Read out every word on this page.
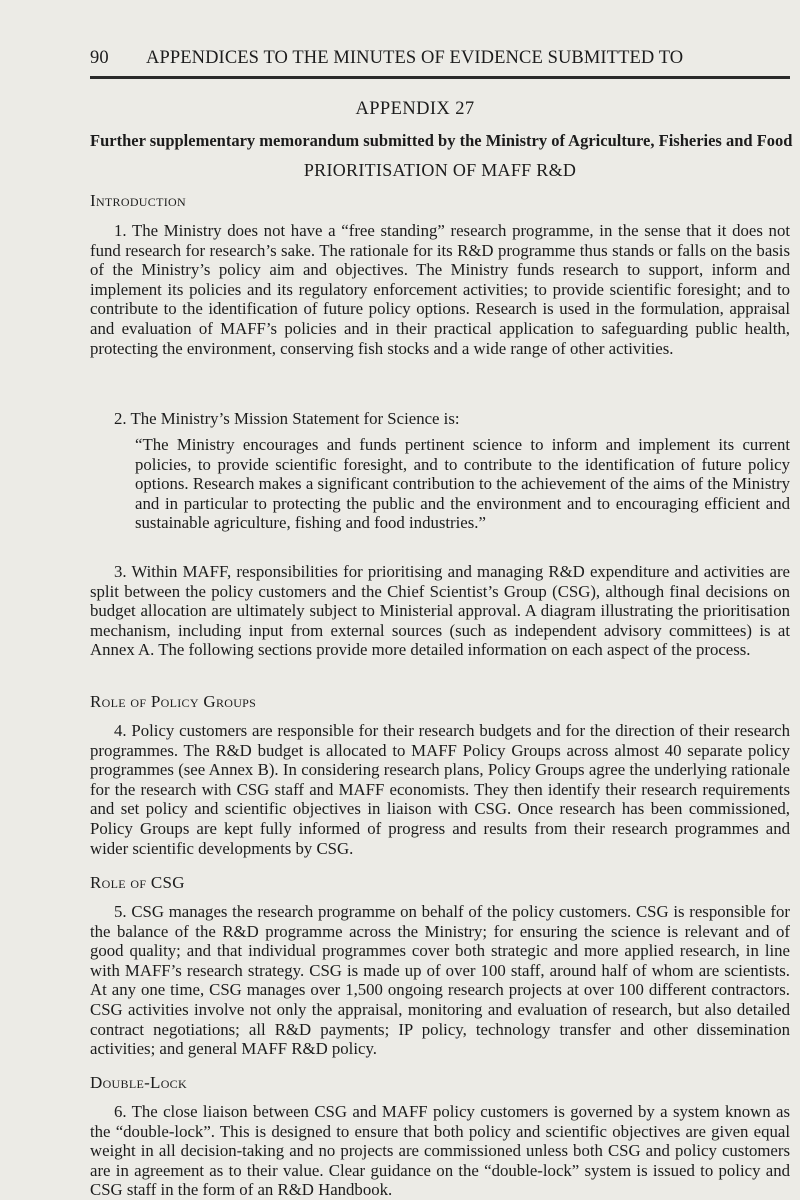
90 APPENDICES TO THE MINUTES OF EVIDENCE SUBMITTED TO
APPENDIX 27
Further supplementary memorandum submitted by the Ministry of Agriculture, Fisheries and Food
PRIORITISATION OF MAFF R&D
Introduction

1. The Ministry does not have a “free standing” research programme, in the sense that it does not fund research for research’s sake. The rationale for its R&D programme thus stands or falls on the basis of the Ministry’s policy aim and objectives. The Ministry funds research to support, inform and implement its policies and its regulatory enforcement activities; to provide scientific foresight; and to contribute to the identification of future policy options. Research is used in the formulation, appraisal and evaluation of MAFF’s policies and in their practical application to safeguarding public health, protecting the environment, conserving fish stocks and a wide range of other activities.

2. The Ministry’s Mission Statement for Science is:

“The Ministry encourages and funds pertinent science to inform and implement its current policies, to provide scientific foresight, and to contribute to the identification of future policy options. Research makes a significant contribution to the achievement of the aims of the Ministry and in particular to protecting the public and the environment and to encouraging efficient and sustainable agriculture, fishing and food industries.”

3. Within MAFF, responsibilities for prioritising and managing R&D expenditure and activities are split between the policy customers and the Chief Scientist’s Group (CSG), although final decisions on budget allocation are ultimately subject to Ministerial approval. A diagram illustrating the prioritisation mechanism, including input from external sources (such as independent advisory committees) is at Annex A. The following sections provide more detailed information on each aspect of the process.

Role of Policy Groups

4. Policy customers are responsible for their research budgets and for the direction of their research programmes. The R&D budget is allocated to MAFF Policy Groups across almost 40 separate policy programmes (see Annex B). In considering research plans, Policy Groups agree the underlying rationale for the research with CSG staff and MAFF economists. They then identify their research requirements and set policy and scientific objectives in liaison with CSG. Once research has been commissioned, Policy Groups are kept fully informed of progress and results from their research programmes and wider scientific developments by CSG.

Role of CSG

5. CSG manages the research programme on behalf of the policy customers. CSG is responsible for the balance of the R&D programme across the Ministry; for ensuring the science is relevant and of good quality; and that individual programmes cover both strategic and more applied research, in line with MAFF’s research strategy. CSG is made up of over 100 staff, around half of whom are scientists. At any one time, CSG manages over 1,500 ongoing research projects at over 100 different contractors. CSG activities involve not only the appraisal, monitoring and evaluation of research, but also detailed contract negotiations; all R&D payments; IP policy, technology transfer and other dissemination activities; and general MAFF R&D policy.

Double-Lock

6. The close liaison between CSG and MAFF policy customers is governed by a system known as the “double-lock”. This is designed to ensure that both policy and scientific objectives are given equal weight in all decision-taking and no projects are commissioned unless both CSG and policy customers are in agreement as to their value. Clear guidance on the “double-lock” system is issued to policy and CSG staff in the form of an R&D Handbook.
